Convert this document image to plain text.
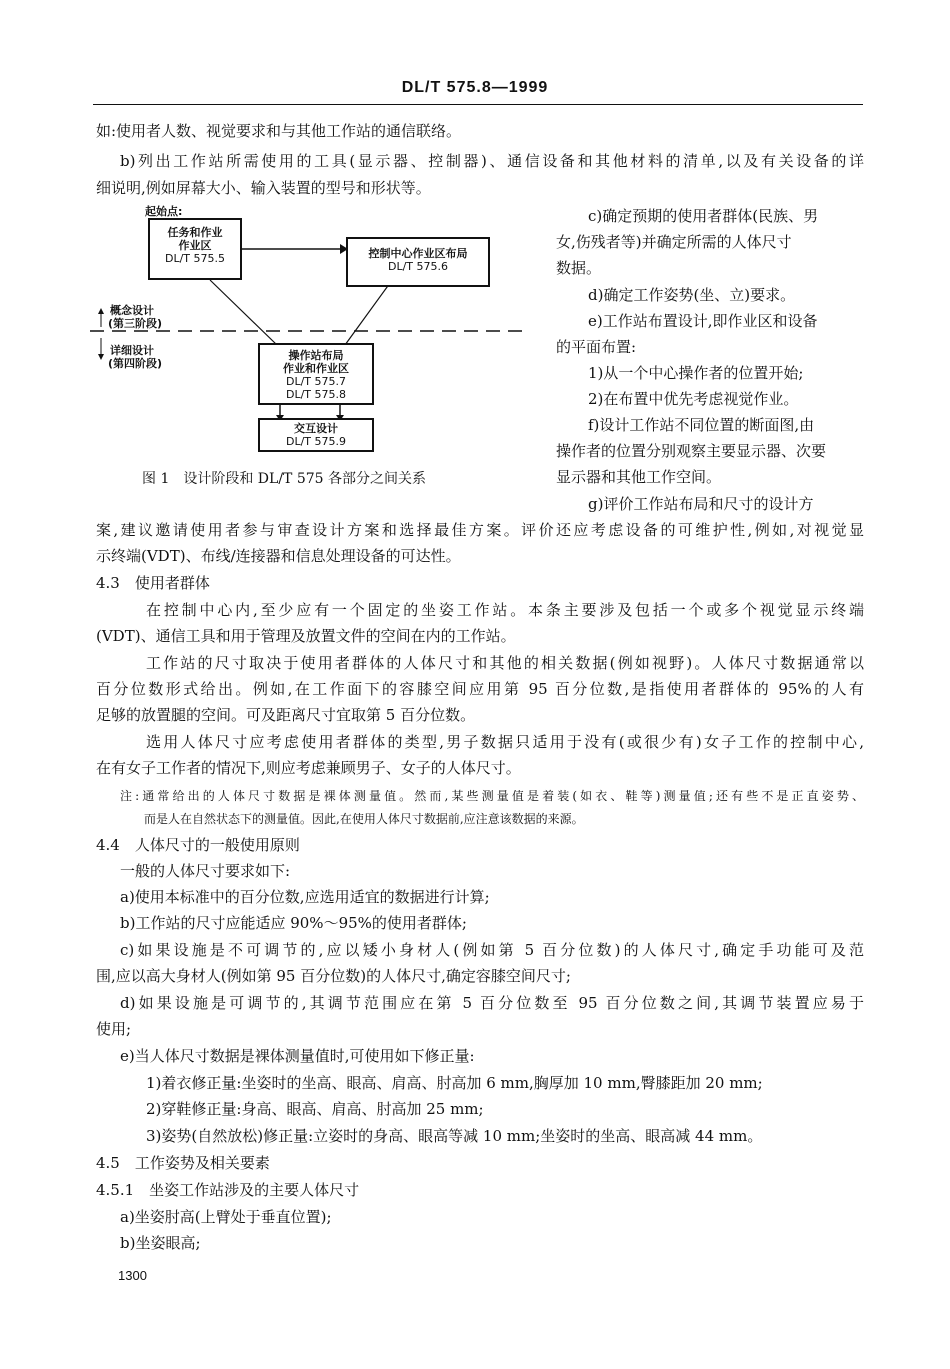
DL/T 575.8—1999
如:使用者人数、视觉要求和与其他工作站的通信联络。
b)列出工作站所需使用的工具(显示器、控制器)、通信设备和其他材料的清单,以及有关设备的详
细说明,例如屏幕大小、输入装置的型号和形状等。
起始点:
任务和作业
作业区
DL/T 575.5	控制中心作业区布局
DL/T 575.6
概念设计
(第三阶段)
详细设计
(第四阶段)
操作站布局
作业和作业区
DL/T 575.7
DL/T 575.8
交互设计
DL/T 575.9
图 1　设计阶段和 DL/T 575 各部分之间关系
c)确定预期的使用者群体(民族、男
女,伤残者等)并确定所需的人体尺寸
数据。
d)确定工作姿势(坐、立)要求。
e)工作站布置设计,即作业区和设备
的平面布置:
1)从一个中心操作者的位置开始;
2)在布置中优先考虑视觉作业。
f)设计工作站不同位置的断面图,由
操作者的位置分别观察主要显示器、次要
显示器和其他工作空间。
g)评价工作站布局和尺寸的设计方
案,建议邀请使用者参与审查设计方案和选择最佳方案。评价还应考虑设备的可维护性,例如,对视觉显
示终端(VDT)、布线/连接器和信息处理设备的可达性。
4.3　使用者群体
在控制中心内,至少应有一个固定的坐姿工作站。本条主要涉及包括一个或多个视觉显示终端
(VDT)、通信工具和用于管理及放置文件的空间在内的工作站。
工作站的尺寸取决于使用者群体的人体尺寸和其他的相关数据(例如视野)。人体尺寸数据通常以
百分位数形式给出。例如,在工作面下的容膝空间应用第 95 百分位数,是指使用者群体的 95%的人有
足够的放置腿的空间。可及距离尺寸宜取第 5 百分位数。
选用人体尺寸应考虑使用者群体的类型,男子数据只适用于没有(或很少有)女子工作的控制中心,
在有女子工作者的情况下,则应考虑兼顾男子、女子的人体尺寸。
注:通常给出的人体尺寸数据是裸体测量值。然而,某些测量值是着装(如衣、鞋等)测量值;还有些不是正直姿势、
而是人在自然状态下的测量值。因此,在使用人体尺寸数据前,应注意该数据的来源。
4.4　人体尺寸的一般使用原则
一般的人体尺寸要求如下:
a)使用本标准中的百分位数,应选用适宜的数据进行计算;
b)工作站的尺寸应能适应 90%～95%的使用者群体;
c)如果设施是不可调节的,应以矮小身材人(例如第 5 百分位数)的人体尺寸,确定手功能可及范
围,应以高大身材人(例如第 95 百分位数)的人体尺寸,确定容膝空间尺寸;
d)如果设施是可调节的,其调节范围应在第 5 百分位数至 95 百分位数之间,其调节装置应易于
使用;
e)当人体尺寸数据是裸体测量值时,可使用如下修正量:
1)着衣修正量:坐姿时的坐高、眼高、肩高、肘高加 6 mm,胸厚加 10 mm,臀膝距加 20 mm;
2)穿鞋修正量:身高、眼高、肩高、肘高加 25 mm;
3)姿势(自然放松)修正量:立姿时的身高、眼高等减 10 mm;坐姿时的坐高、眼高减 44 mm。
4.5　工作姿势及相关要素
4.5.1　坐姿工作站涉及的主要人体尺寸
a)坐姿肘高(上臂处于垂直位置);
b)坐姿眼高;
1300
